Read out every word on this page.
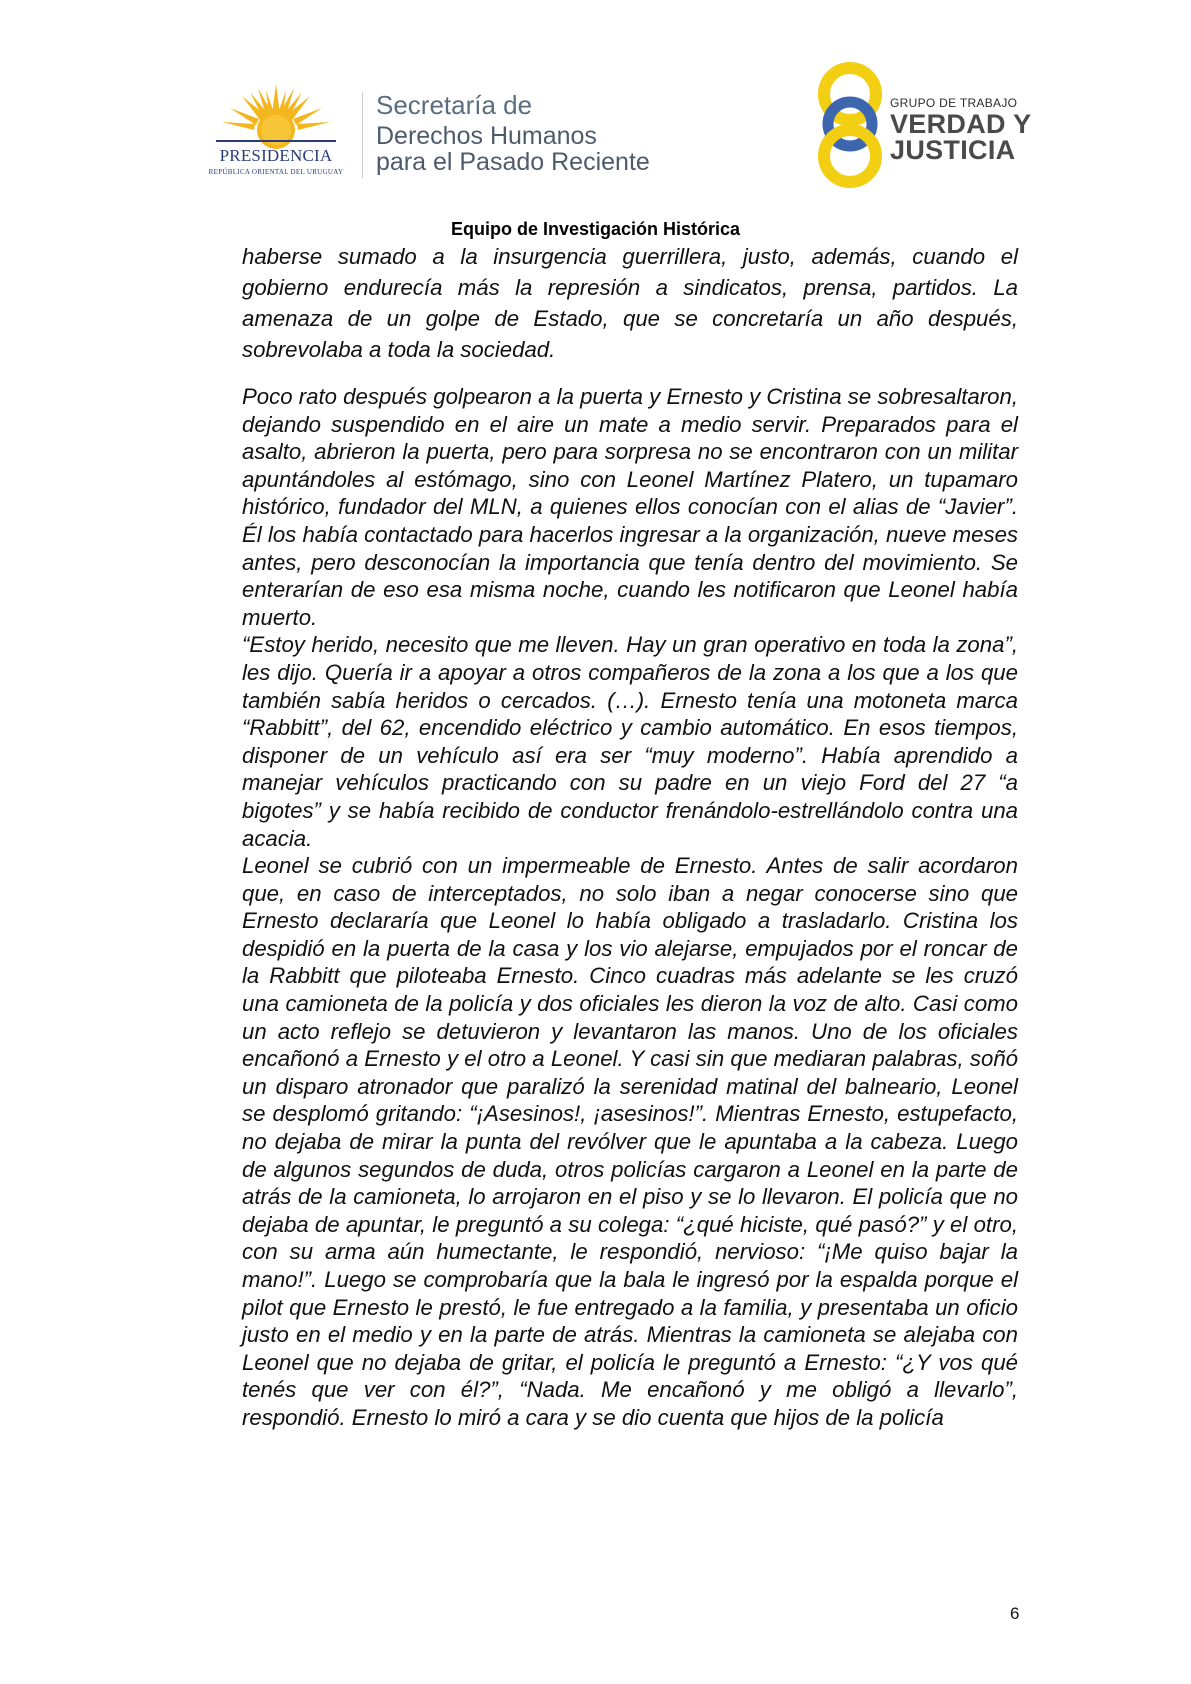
PRESIDENCIA
REPÚBLICA ORIENTAL DEL URUGUAY
Secretaría de
Derechos Humanos
para el Pasado Reciente
GRUPO DE TRABAJO
VERDAD Y
JUSTICIA
Equipo de Investigación Histórica

haberse sumado a la insurgencia guerrillera, justo, además, cuando el gobierno endurecía más la represión a sindicatos, prensa, partidos. La amenaza de un golpe de Estado, que se concretaría un año después, sobrevolaba a toda la sociedad.

Poco rato después golpearon a la puerta y Ernesto y Cristina se sobresaltaron, dejando suspendido en el aire un mate a medio servir. Preparados para el asalto, abrieron la puerta, pero para sorpresa no se encontraron con un militar apuntándoles al estómago, sino con Leonel Martínez Platero, un tupamaro histórico, fundador del MLN, a quienes ellos conocían con el alias de “Javier”. Él los había contactado para hacerlos ingresar a la organización, nueve meses antes, pero desconocían la importancia que tenía dentro del movimiento. Se enterarían de eso esa misma noche, cuando les notificaron que Leonel había muerto.

“Estoy herido, necesito que me lleven. Hay un gran operativo en toda la zona”, les dijo. Quería ir a apoyar a otros compañeros de la zona a los que a los que también sabía heridos o cercados. (…). Ernesto tenía una motoneta marca “Rabbitt”, del 62, encendido eléctrico y cambio automático. En esos tiempos, disponer de un vehículo así era ser “muy moderno”. Había aprendido a manejar vehículos practicando con su padre en un viejo Ford del 27 “a bigotes” y se había recibido de conductor frenándolo-estrellándolo contra una acacia.

Leonel se cubrió con un impermeable de Ernesto. Antes de salir acordaron que, en caso de interceptados, no solo iban a negar conocerse sino que Ernesto declararía que Leonel lo había obligado a trasladarlo. Cristina los despidió en la puerta de la casa y los vio alejarse, empujados por el roncar de la Rabbitt que piloteaba Ernesto. Cinco cuadras más adelante se les cruzó una camioneta de la policía y dos oficiales les dieron la voz de alto. Casi como un acto reflejo se detuvieron y levantaron las manos. Uno de los oficiales encañonó a Ernesto y el otro a Leonel. Y casi sin que mediaran palabras, soñó un disparo atronador que paralizó la serenidad matinal del balneario, Leonel se desplomó gritando: “¡Asesinos!, ¡asesinos!”. Mientras Ernesto, estupefacto, no dejaba de mirar la punta del revólver que le apuntaba a la cabeza. Luego de algunos segundos de duda, otros policías cargaron a Leonel en la parte de atrás de la camioneta, lo arrojaron en el piso y se lo llevaron. El policía que no dejaba de apuntar, le preguntó a su colega: “¿qué hiciste, qué pasó?” y el otro, con su arma aún humectante, le respondió, nervioso: “¡Me quiso bajar la mano!”. Luego se comprobaría que la bala le ingresó por la espalda porque el pilot que Ernesto le prestó, le fue entregado a la familia, y presentaba un oficio justo en el medio y en la parte de atrás. Mientras la camioneta se alejaba con Leonel que no dejaba de gritar, el policía le preguntó a Ernesto: “¿Y vos qué tenés que ver con él?”, “Nada. Me encañonó y me obligó a llevarlo”, respondió. Ernesto lo miró a cara y se dio cuenta que hijos de la policía

6
